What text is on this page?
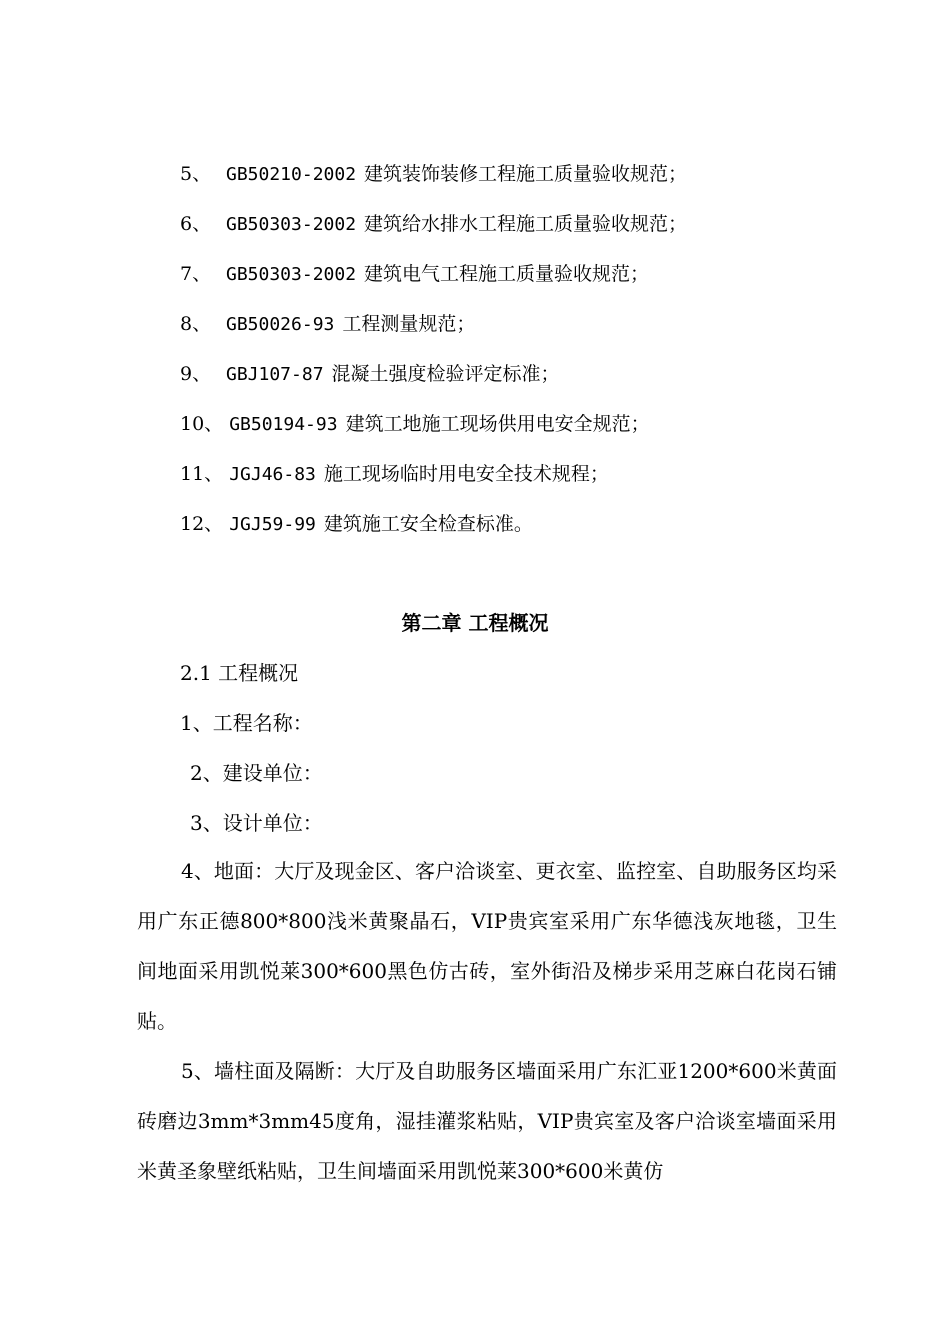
5、 GB50210-2002 建筑装饰装修工程施工质量验收规范；
6、 GB50303-2002 建筑给水排水工程施工质量验收规范；
7、 GB50303-2002 建筑电气工程施工质量验收规范；
8、 GB50026-93 工程测量规范；
9、 GBJ107-87 混凝土强度检验评定标准；
10、 GB50194-93 建筑工地施工现场供用电安全规范；
11、 JGJ46-83 施工现场临时用电安全技术规程；
12、 JGJ59-99 建筑施工安全检查标准。
第二章 工程概况
2.1 工程概况
1、工程名称：
2、建设单位：
3、设计单位：
4、地面：大厅及现金区、客户洽谈室、更衣室、监控室、自助服务区均采用广东正德800*800浅米黄聚晶石，VIP贵宾室采用广东华德浅灰地毯，卫生间地面采用凯悦莱300*600黑色仿古砖，室外街沿及梯步采用芝麻白花岗石铺贴。
5、墙柱面及隔断：大厅及自助服务区墙面采用广东汇亚1200*600米黄面砖磨边3mm*3mm45度角，湿挂灌浆粘贴，VIP贵宾室及客户洽谈室墙面采用米黄圣象壁纸粘贴，卫生间墙面采用凯悦莱300*600米黄仿
